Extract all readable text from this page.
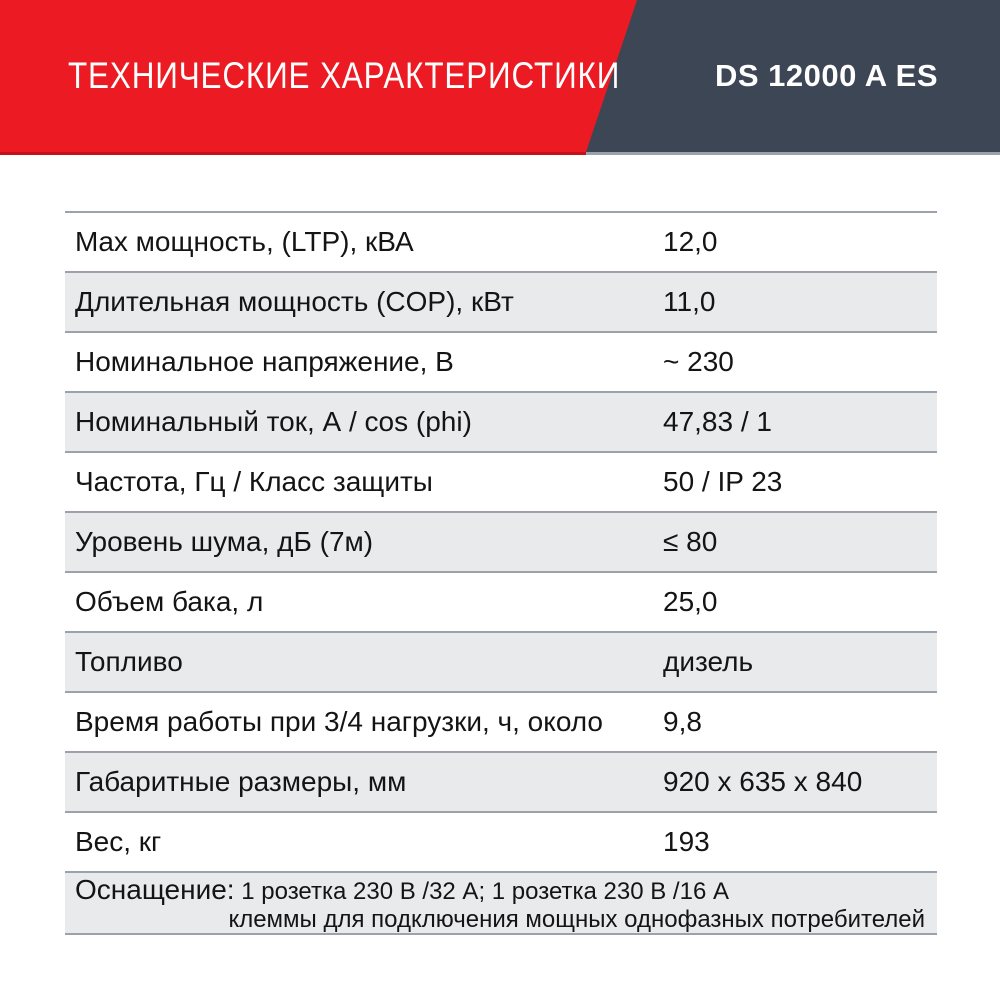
ТЕХНИЧЕСКИЕ ХАРАКТЕРИСТИКИ	DS 12000 A ES
Max мощность, (LTP), кВА	12,0
Длительная мощность (COP), кВт	11,0
Номинальное напряжение, В	~ 230
Номинальный ток, А / cos (phi)	47,83 / 1
Частота, Гц / Класс защиты	50 / IP 23
Уровень шума, дБ (7м)	≤ 80
Объем бака, л	25,0
Топливо	дизель
Время работы при 3/4 нагрузки, ч, около	9,8
Габаритные размеры, мм	920 x 635 x 840
Вес, кг	193
Оснащение: 1 розетка 230 В /32 А; 1 розетка 230 В /16 А
клеммы для подключения мощных однофазных потребителей
